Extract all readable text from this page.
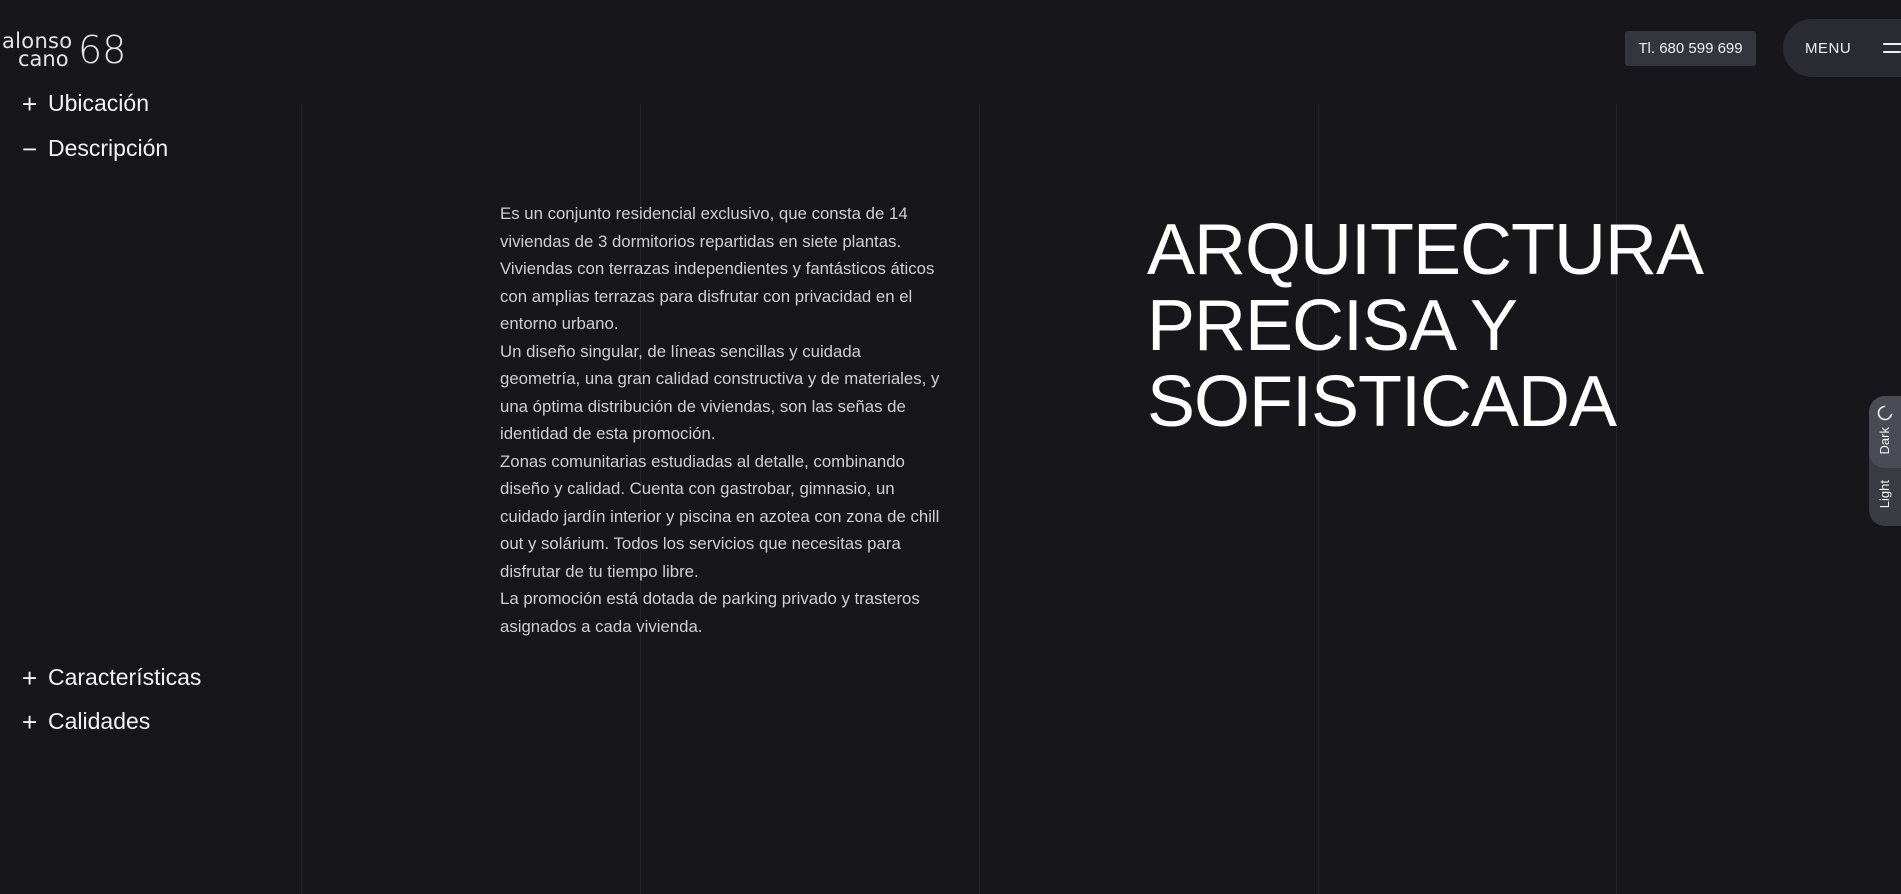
alonso
cano 68	Tl. 680 599 699	MENU
+ Ubicación
− Descripción
+ Características
+ Calidades

Es un conjunto residencial exclusivo, que consta de 14 viviendas de 3 dormitorios repartidas en siete plantas. Viviendas con terrazas independientes y fantásticos áticos con amplias terrazas para disfrutar con privacidad en el entorno urbano.

Un diseño singular, de líneas sencillas y cuidada geometría, una gran calidad constructiva y de materiales, y una óptima distribución de viviendas, son las señas de identidad de esta promoción.

Zonas comunitarias estudiadas al detalle, combinando diseño y calidad. Cuenta con gastrobar, gimnasio, un cuidado jardín interior y piscina en azotea con zona de chill out y solárium. Todos los servicios que necesitas para disfrutar de tu tiempo libre.

La promoción está dotada de parking privado y trasteros asignados a cada vivienda.

ARQUITECTURA
PRECISA Y
SOFISTICADA	Dark
Light
